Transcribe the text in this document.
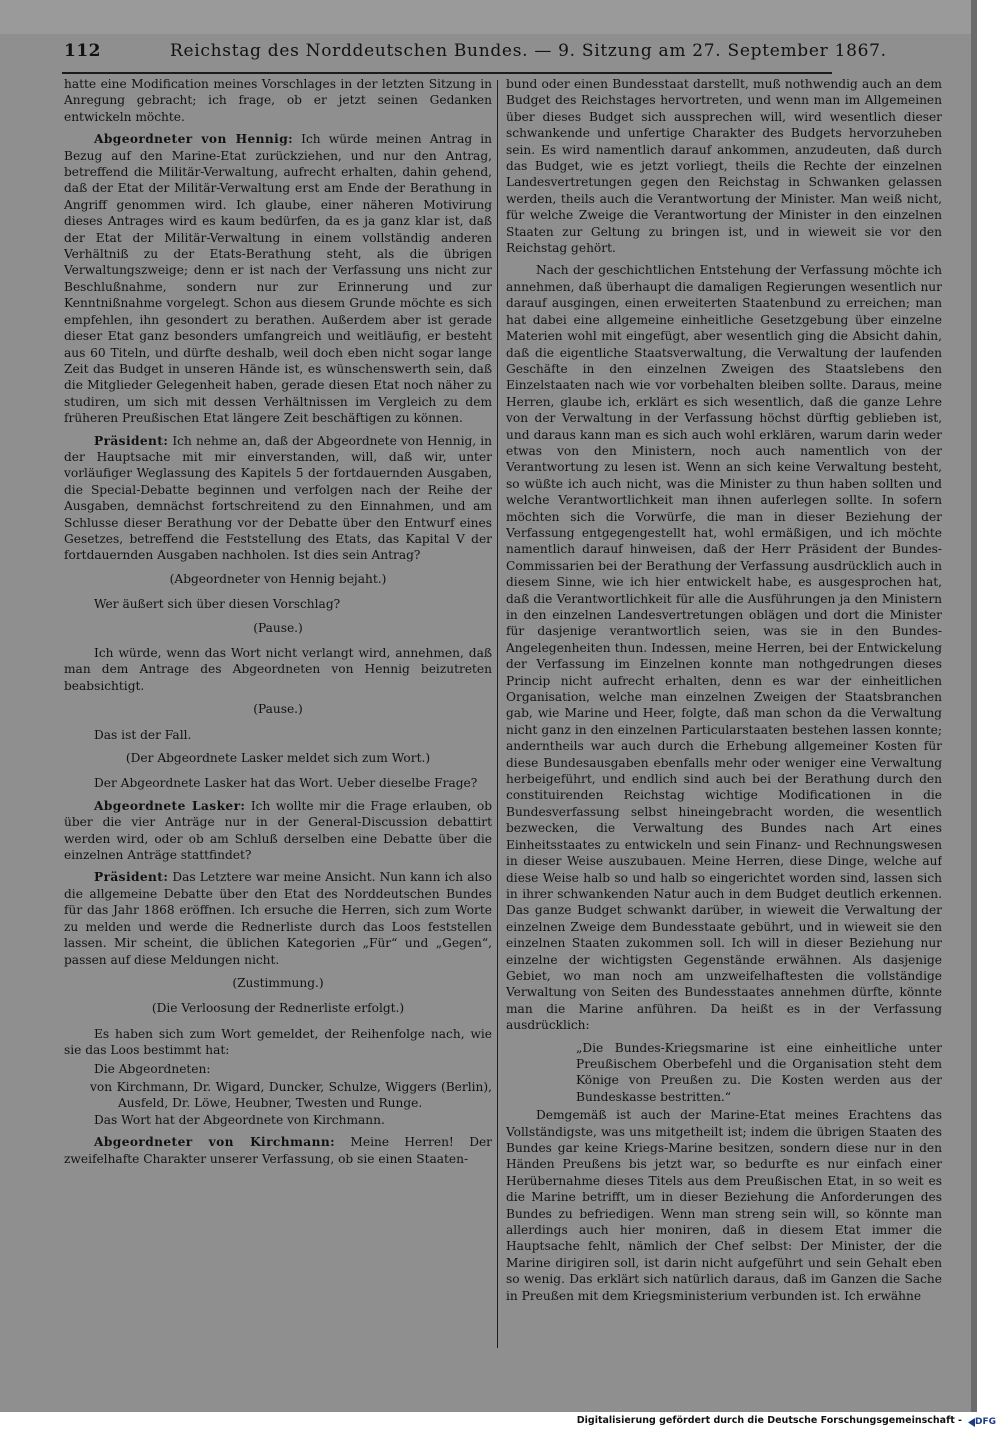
112	Reichstag des Norddeutschen Bundes. — 9. Sitzung am 27. September 1867.

hatte eine Modification meines Vorschlages in der letzten Sitzung in Anregung gebracht; ich frage, ob er jetzt seinen Gedanken entwickeln möchte.

Abgeordneter von Hennig: Ich würde meinen Antrag in Bezug auf den Marine-Etat zurückziehen, und nur den Antrag, betreffend die Militär-Verwaltung, aufrecht erhalten, dahin gehend, daß der Etat der Militär-Verwaltung erst am Ende der Berathung in Angriff genommen wird. Ich glaube, einer näheren Motivirung dieses Antrages wird es kaum bedürfen, da es ja ganz klar ist, daß der Etat der Militär-Verwaltung in einem vollständig anderen Verhältniß zu der Etats-Berathung steht, als die übrigen Verwaltungszweige; denn er ist nach der Verfassung uns nicht zur Beschlußnahme, sondern nur zur Erinnerung und zur Kenntnißnahme vorgelegt. Schon aus diesem Grunde möchte es sich empfehlen, ihn gesondert zu berathen. Außerdem aber ist gerade dieser Etat ganz besonders umfangreich und weitläufig, er besteht aus 60 Titeln, und dürfte deshalb, weil doch eben nicht sogar lange Zeit das Budget in unseren Hände ist, es wünschenswerth sein, daß die Mitglieder Gelegenheit haben, gerade diesen Etat noch näher zu studiren, um sich mit dessen Verhältnissen im Vergleich zu dem früheren Preußischen Etat längere Zeit beschäftigen zu können.

Präsident: Ich nehme an, daß der Abgeordnete von Hennig, in der Hauptsache mit mir einverstanden, will, daß wir, unter vorläufiger Weglassung des Kapitels 5 der fortdauernden Ausgaben, die Special-Debatte beginnen und verfolgen nach der Reihe der Ausgaben, demnächst fortschreitend zu den Einnahmen, und am Schlusse dieser Berathung vor der Debatte über den Entwurf eines Gesetzes, betreffend die Feststellung des Etats, das Kapital V der fortdauernden Ausgaben nachholen. Ist dies sein Antrag?

(Abgeordneter von Hennig bejaht.)

Wer äußert sich über diesen Vorschlag?

(Pause.)

Ich würde, wenn das Wort nicht verlangt wird, annehmen, daß man dem Antrage des Abgeordneten von Hennig beizutreten beabsichtigt.

(Pause.)

Das ist der Fall.

(Der Abgeordnete Lasker meldet sich zum Wort.)

Der Abgeordnete Lasker hat das Wort. Ueber dieselbe Frage?

Abgeordnete Lasker: Ich wollte mir die Frage erlauben, ob über die vier Anträge nur in der General-Discussion debattirt werden wird, oder ob am Schluß derselben eine Debatte über die einzelnen Anträge stattfindet?

Präsident: Das Letztere war meine Ansicht. Nun kann ich also die allgemeine Debatte über den Etat des Norddeutschen Bundes für das Jahr 1868 eröffnen. Ich ersuche die Herren, sich zum Worte zu melden und werde die Rednerliste durch das Loos feststellen lassen. Mir scheint, die üblichen Kategorien „Für“ und „Gegen“, passen auf diese Meldungen nicht.

(Zustimmung.)

(Die Verloosung der Rednerliste erfolgt.)

Es haben sich zum Wort gemeldet, der Reihenfolge nach, wie sie das Loos bestimmt hat:

Die Abgeordneten:

von Kirchmann, Dr. Wigard, Duncker, Schulze, Wiggers (Berlin), Ausfeld, Dr. Löwe, Heubner, Twesten und Runge.

Das Wort hat der Abgeordnete von Kirchmann.

Abgeordneter von Kirchmann: Meine Herren! Der zweifelhafte Charakter unserer Verfassung, ob sie einen Staaten-

bund oder einen Bundesstaat darstellt, muß nothwendig auch an dem Budget des Reichstages hervortreten, und wenn man im Allgemeinen über dieses Budget sich aussprechen will, wird wesentlich dieser schwankende und unfertige Charakter des Budgets hervorzuheben sein. Es wird namentlich darauf ankommen, anzudeuten, daß durch das Budget, wie es jetzt vorliegt, theils die Rechte der einzelnen Landesvertretungen gegen den Reichstag in Schwanken gelassen werden, theils auch die Verantwortung der Minister. Man weiß nicht, für welche Zweige die Verantwortung der Minister in den einzelnen Staaten zur Geltung zu bringen ist, und in wieweit sie vor den Reichstag gehört.

Nach der geschichtlichen Entstehung der Verfassung möchte ich annehmen, daß überhaupt die damaligen Regierungen wesentlich nur darauf ausgingen, einen erweiterten Staatenbund zu erreichen; man hat dabei eine allgemeine einheitliche Gesetzgebung über einzelne Materien wohl mit eingefügt, aber wesentlich ging die Absicht dahin, daß die eigentliche Staatsverwaltung, die Verwaltung der laufenden Geschäfte in den einzelnen Zweigen des Staatslebens den Einzelstaaten nach wie vor vorbehalten bleiben sollte. Daraus, meine Herren, glaube ich, erklärt es sich wesentlich, daß die ganze Lehre von der Verwaltung in der Verfassung höchst dürftig geblieben ist, und daraus kann man es sich auch wohl erklären, warum darin weder etwas von den Ministern, noch auch namentlich von der Verantwortung zu lesen ist. Wenn an sich keine Verwaltung besteht, so wüßte ich auch nicht, was die Minister zu thun haben sollten und welche Verantwortlichkeit man ihnen auferlegen sollte. In sofern möchten sich die Vorwürfe, die man in dieser Beziehung der Verfassung entgegengestellt hat, wohl ermäßigen, und ich möchte namentlich darauf hinweisen, daß der Herr Präsident der Bundes-Commissarien bei der Berathung der Verfassung ausdrücklich auch in diesem Sinne, wie ich hier entwickelt habe, es ausgesprochen hat, daß die Verantwortlichkeit für alle die Ausführungen ja den Ministern in den einzelnen Landesvertretungen oblägen und dort die Minister für dasjenige verantwortlich seien, was sie in den Bundes-Angelegenheiten thun. Indessen, meine Herren, bei der Entwickelung der Verfassung im Einzelnen konnte man nothgedrungen dieses Princip nicht aufrecht erhalten, denn es war der einheitlichen Organisation, welche man einzelnen Zweigen der Staatsbranchen gab, wie Marine und Heer, folgte, daß man schon da die Verwaltung nicht ganz in den einzelnen Particularstaaten bestehen lassen konnte; anderntheils war auch durch die Erhebung allgemeiner Kosten für diese Bundesausgaben ebenfalls mehr oder weniger eine Verwaltung herbeigeführt, und endlich sind auch bei der Berathung durch den constituirenden Reichstag wichtige Modificationen in die Bundesverfassung selbst hineingebracht worden, die wesentlich bezwecken, die Verwaltung des Bundes nach Art eines Einheitsstaates zu entwickeln und sein Finanz- und Rechnungswesen in dieser Weise auszubauen. Meine Herren, diese Dinge, welche auf diese Weise halb so und halb so eingerichtet worden sind, lassen sich in ihrer schwankenden Natur auch in dem Budget deutlich erkennen. Das ganze Budget schwankt darüber, in wieweit die Verwaltung der einzelnen Zweige dem Bundesstaate gebührt, und in wieweit sie den einzelnen Staaten zukommen soll. Ich will in dieser Beziehung nur einzelne der wichtigsten Gegenstände erwähnen. Als dasjenige Gebiet, wo man noch am unzweifelhaftesten die vollständige Verwaltung von Seiten des Bundesstaates annehmen dürfte, könnte man die Marine anführen. Da heißt es in der Verfassung ausdrücklich:

„Die Bundes-Kriegsmarine ist eine einheitliche unter Preußischem Oberbefehl und die Organisation steht dem Könige von Preußen zu. Die Kosten werden aus der Bundeskasse bestritten.“

Demgemäß ist auch der Marine-Etat meines Erachtens das Vollständigste, was uns mitgetheilt ist; indem die übrigen Staaten des Bundes gar keine Kriegs-Marine besitzen, sondern diese nur in den Händen Preußens bis jetzt war, so bedurfte es nur einfach einer Herübernahme dieses Titels aus dem Preußischen Etat, in so weit es die Marine betrifft, um in dieser Beziehung die Anforderungen des Bundes zu befriedigen. Wenn man streng sein will, so könnte man allerdings auch hier moniren, daß in diesem Etat immer die Hauptsache fehlt, nämlich der Chef selbst: Der Minister, der die Marine dirigiren soll, ist darin nicht aufgeführt und sein Gehalt eben so wenig. Das erklärt sich natürlich daraus, daß im Ganzen die Sache in Preußen mit dem Kriegsministerium verbunden ist. Ich erwähne

Digitalisierung gefördert durch die Deutsche Forschungsgemeinschaft -	DFG
